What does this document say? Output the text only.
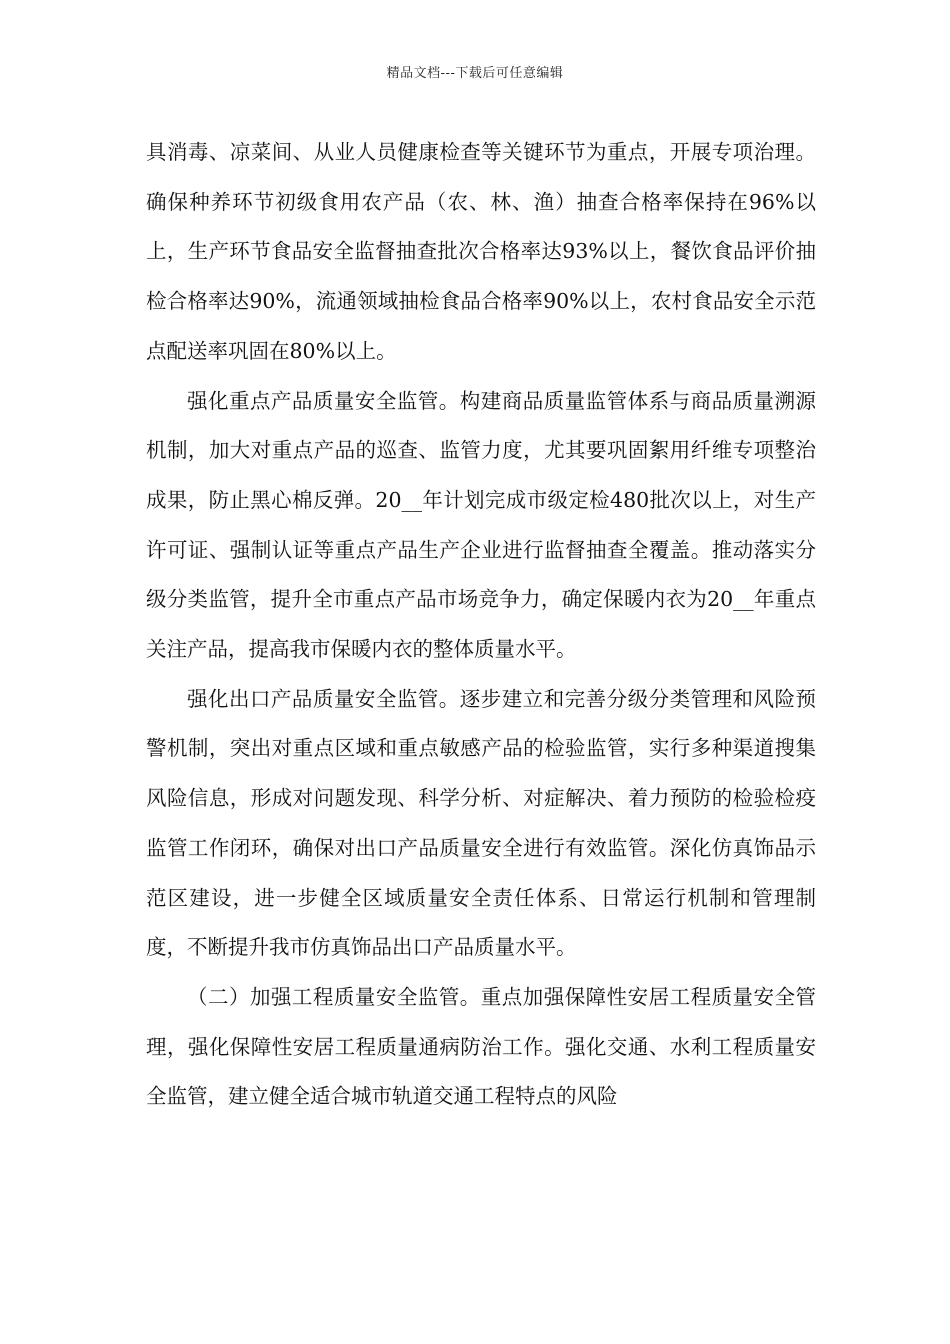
精品文档---下载后可任意编辑

具消毒、凉菜间、从业人员健康检查等关键环节为重点，开展专项治理。确保种养环节初级食用农产品（农、林、渔）抽查合格率保持在96%以上，生产环节食品安全监督抽查批次合格率达93%以上，餐饮食品评价抽检合格率达90%，流通领域抽检食品合格率90%以上，农村食品安全示范点配送率巩固在80%以上。

强化重点产品质量安全监管。构建商品质量监管体系与商品质量溯源机制，加大对重点产品的巡查、监管力度，尤其要巩固絮用纤维专项整治成果，防止黑心棉反弹。20__年计划完成市级定检480批次以上，对生产许可证、强制认证等重点产品生产企业进行监督抽查全覆盖。推动落实分级分类监管，提升全市重点产品市场竞争力，确定保暖内衣为20__年重点关注产品，提高我市保暖内衣的整体质量水平。

强化出口产品质量安全监管。逐步建立和完善分级分类管理和风险预警机制，突出对重点区域和重点敏感产品的检验监管，实行多种渠道搜集风险信息，形成对问题发现、科学分析、对症解决、着力预防的检验检疫监管工作闭环，确保对出口产品质量安全进行有效监管。深化仿真饰品示范区建设，进一步健全区域质量安全责任体系、日常运行机制和管理制度，不断提升我市仿真饰品出口产品质量水平。

（二）加强工程质量安全监管。重点加强保障性安居工程质量安全管理，强化保障性安居工程质量通病防治工作。强化交通、水利工程质量安全监管，建立健全适合城市轨道交通工程特点的风险
